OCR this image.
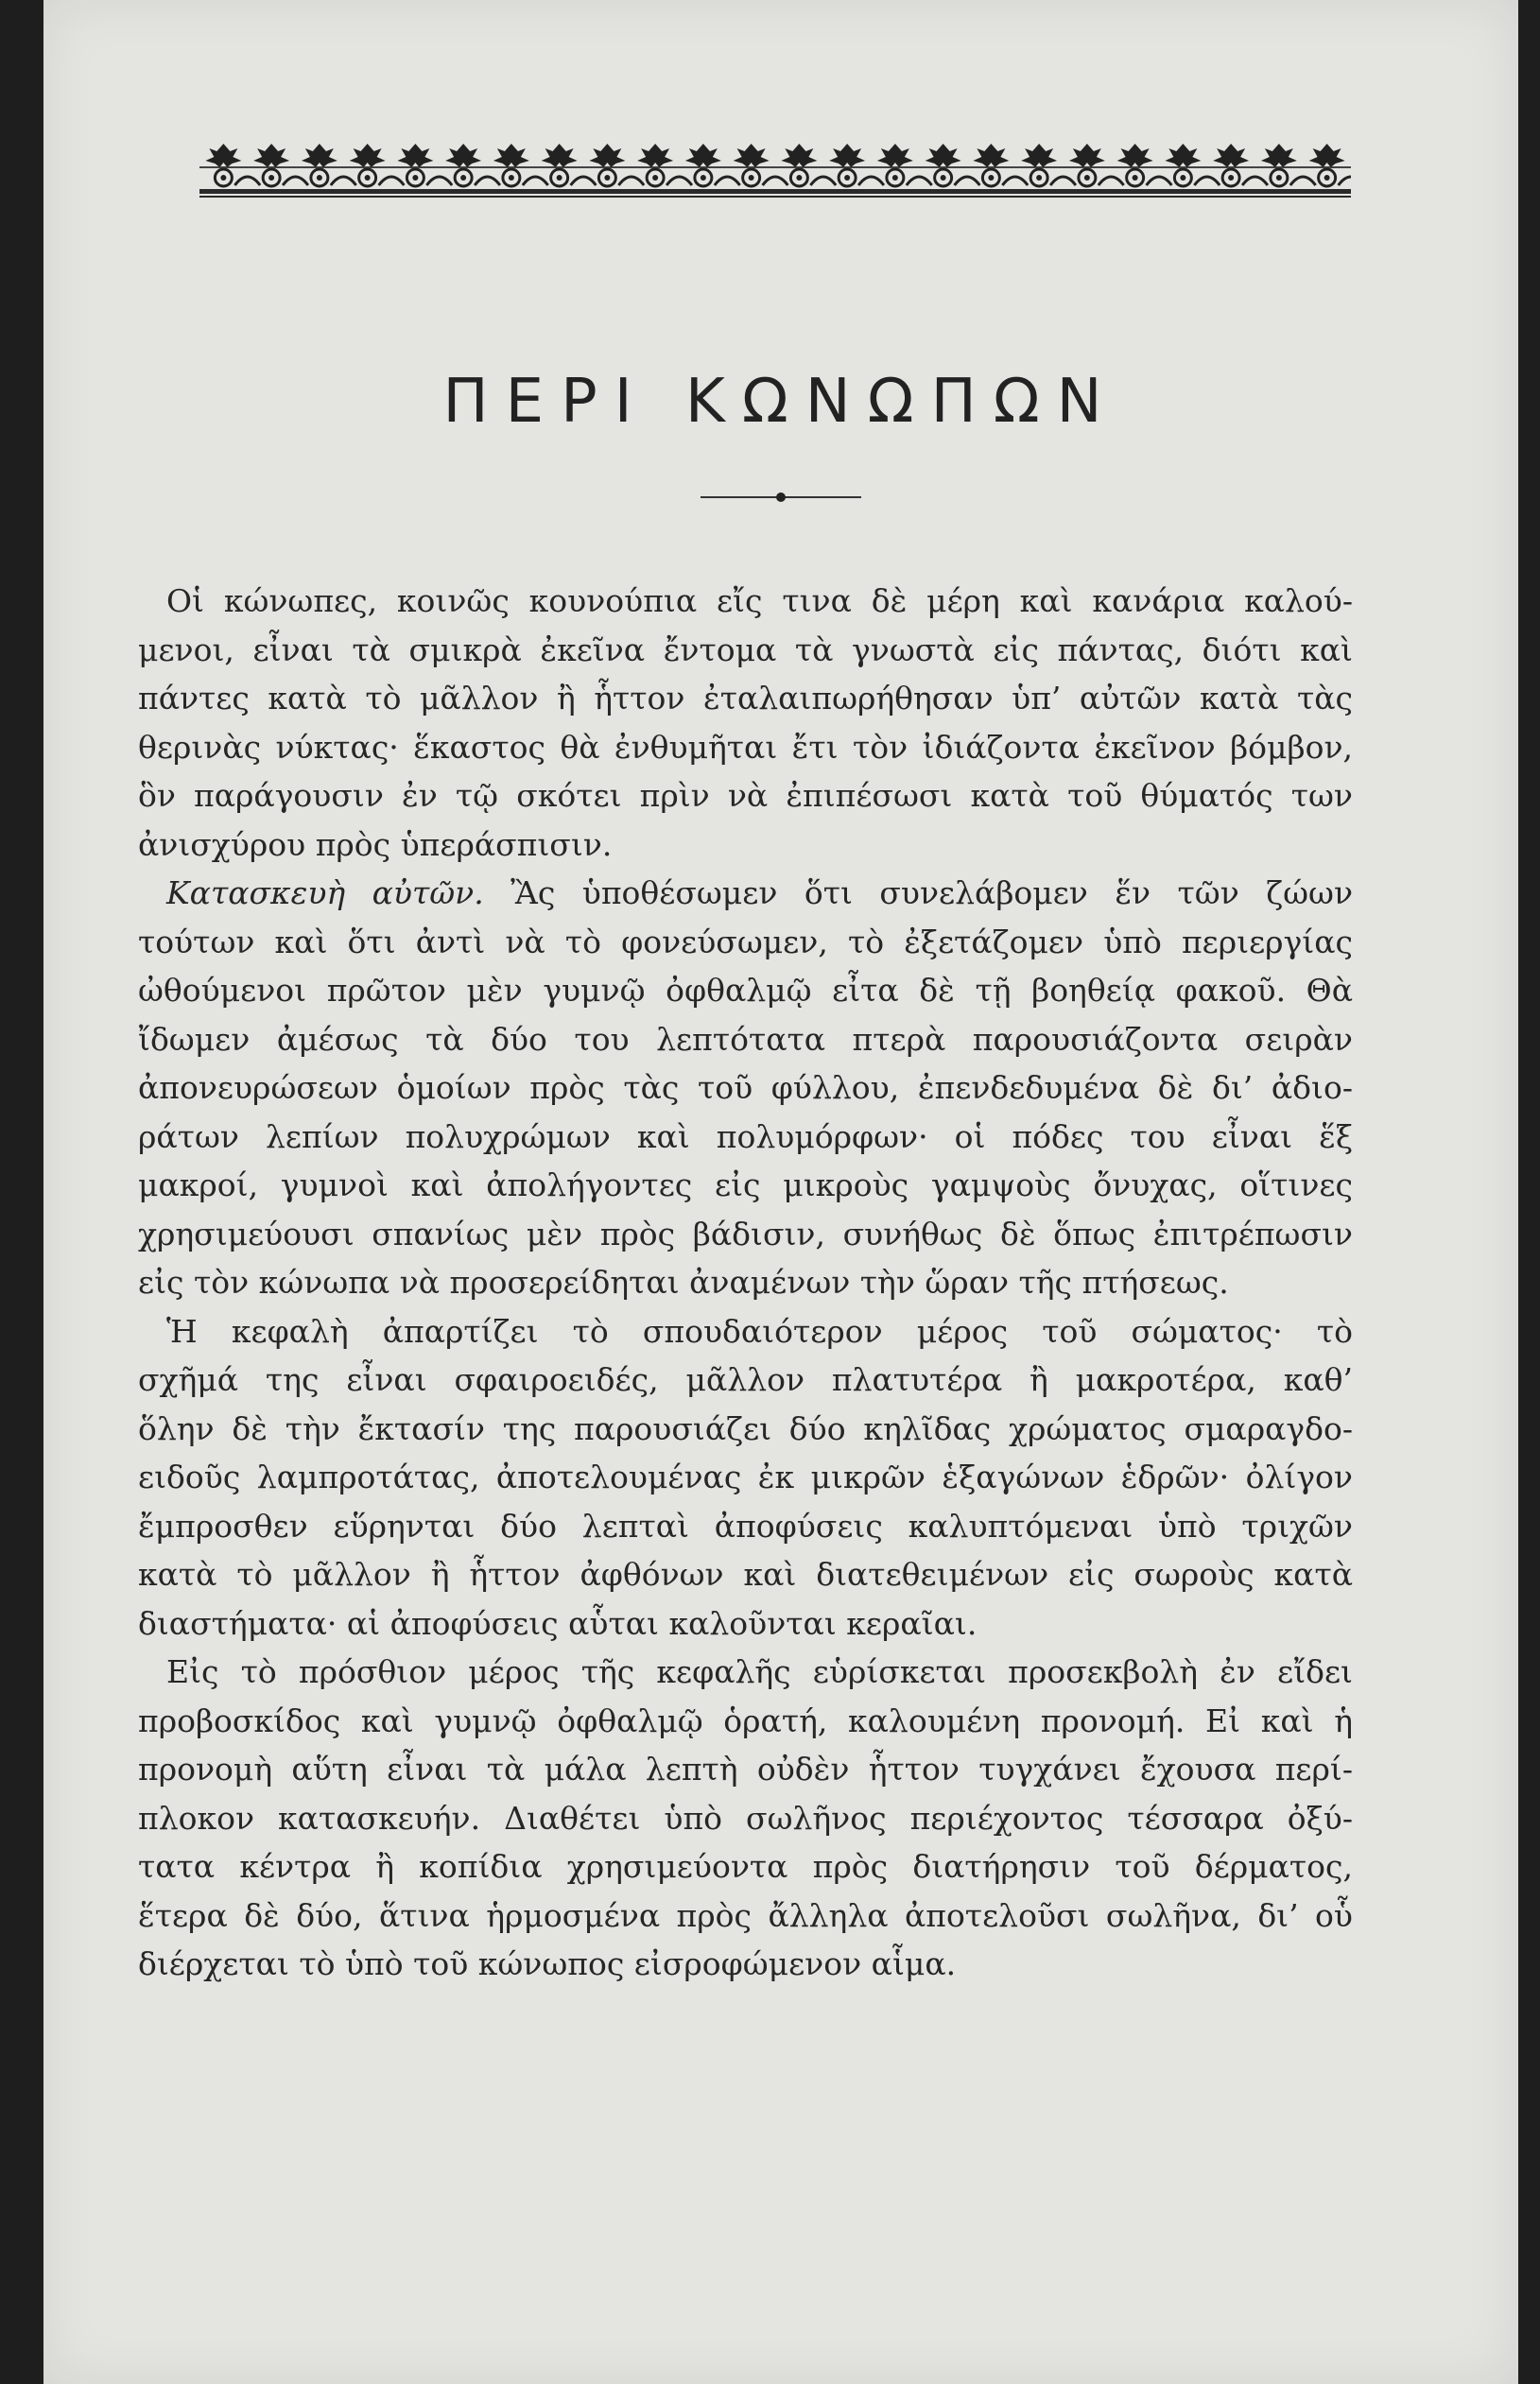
ΠΕΡΙ ΚΩΝΩΠΩΝ
Οἱ κώνωπες, κοινῶς κουνούπια εἴς τινα δὲ μέρη καὶ κανάρια καλού-
μενοι, εἶναι τὰ σμικρὰ ἐκεῖνα ἔντομα τὰ γνωστὰ εἰς πάντας, διότι καὶ
πάντες κατὰ τὸ μᾶλλον ἢ ἧττον ἐταλαιπωρήθησαν ὑπ’ αὐτῶν κατὰ τὰς
θερινὰς νύκτας· ἕκαστος θὰ ἐνθυμῆται ἔτι τὸν ἰδιάζοντα ἐκεῖνον βόμβον,
ὃν παράγουσιν ἐν τῷ σκότει πρὶν νὰ ἐπιπέσωσι κατὰ τοῦ θύματός των
ἀνισχύρου πρὸς ὑπεράσπισιν.
Κατασκευὴ αὐτῶν. Ἂς ὑποθέσωμεν ὅτι συνελάβομεν ἕν τῶν ζώων
τούτων καὶ ὅτι ἀντὶ νὰ τὸ φονεύσωμεν, τὸ ἐξετάζομεν ὑπὸ περιεργίας
ὠθούμενοι πρῶτον μὲν γυμνῷ ὀφθαλμῷ εἶτα δὲ τῇ βοηθείᾳ φακοῦ. Θὰ
ἴδωμεν ἀμέσως τὰ δύο του λεπτότατα πτερὰ παρουσιάζοντα σειρὰν
ἀπονευρώσεων ὁμοίων πρὸς τὰς τοῦ φύλλου, ἐπενδεδυμένα δὲ δι’ ἀδιο-
ράτων λεπίων πολυχρώμων καὶ πολυμόρφων· οἱ πόδες του εἶναι ἕξ
μακροί, γυμνοὶ καὶ ἀπολήγοντες εἰς μικροὺς γαμψοὺς ὄνυχας, οἵτινες
χρησιμεύουσι σπανίως μὲν πρὸς βάδισιν, συνήθως δὲ ὅπως ἐπιτρέπωσιν
εἰς τὸν κώνωπα νὰ προσερείδηται ἀναμένων τὴν ὥραν τῆς πτήσεως.
Ἡ κεφαλὴ ἀπαρτίζει τὸ σπουδαιότερον μέρος τοῦ σώματος· τὸ
σχῆμά της εἶναι σφαιροειδές, μᾶλλον πλατυτέρα ἢ μακροτέρα, καθ’
ὅλην δὲ τὴν ἔκτασίν της παρουσιάζει δύο κηλῖδας χρώματος σμαραγδο-
ειδοῦς λαμπροτάτας, ἀποτελουμένας ἐκ μικρῶν ἑξαγώνων ἑδρῶν· ὀλίγον
ἔμπροσθεν εὕρηνται δύο λεπταὶ ἀποφύσεις καλυπτόμεναι ὑπὸ τριχῶν
κατὰ τὸ μᾶλλον ἢ ἧττον ἀφθόνων καὶ διατεθειμένων εἰς σωροὺς κατὰ
διαστήματα· αἱ ἀποφύσεις αὗται καλοῦνται κεραῖαι.
Εἰς τὸ πρόσθιον μέρος τῆς κεφαλῆς εὑρίσκεται προσεκβολὴ ἐν εἴδει
προβοσκίδος καὶ γυμνῷ ὀφθαλμῷ ὁρατή, καλουμένη προνομή. Εἰ καὶ ἡ
προνομὴ αὕτη εἶναι τὰ μάλα λεπτὴ οὐδὲν ἧττον τυγχάνει ἔχουσα περί-
πλοκον κατασκευήν. Διαθέτει ὑπὸ σωλῆνος περιέχοντος τέσσαρα ὀξύ-
τατα κέντρα ἢ κοπίδια χρησιμεύοντα πρὸς διατήρησιν τοῦ δέρματος,
ἕτερα δὲ δύο, ἅτινα ἡρμοσμένα πρὸς ἄλληλα ἀποτελοῦσι σωλῆνα, δι’ οὗ
διέρχεται τὸ ὑπὸ τοῦ κώνωπος εἰσροφώμενον αἷμα.
